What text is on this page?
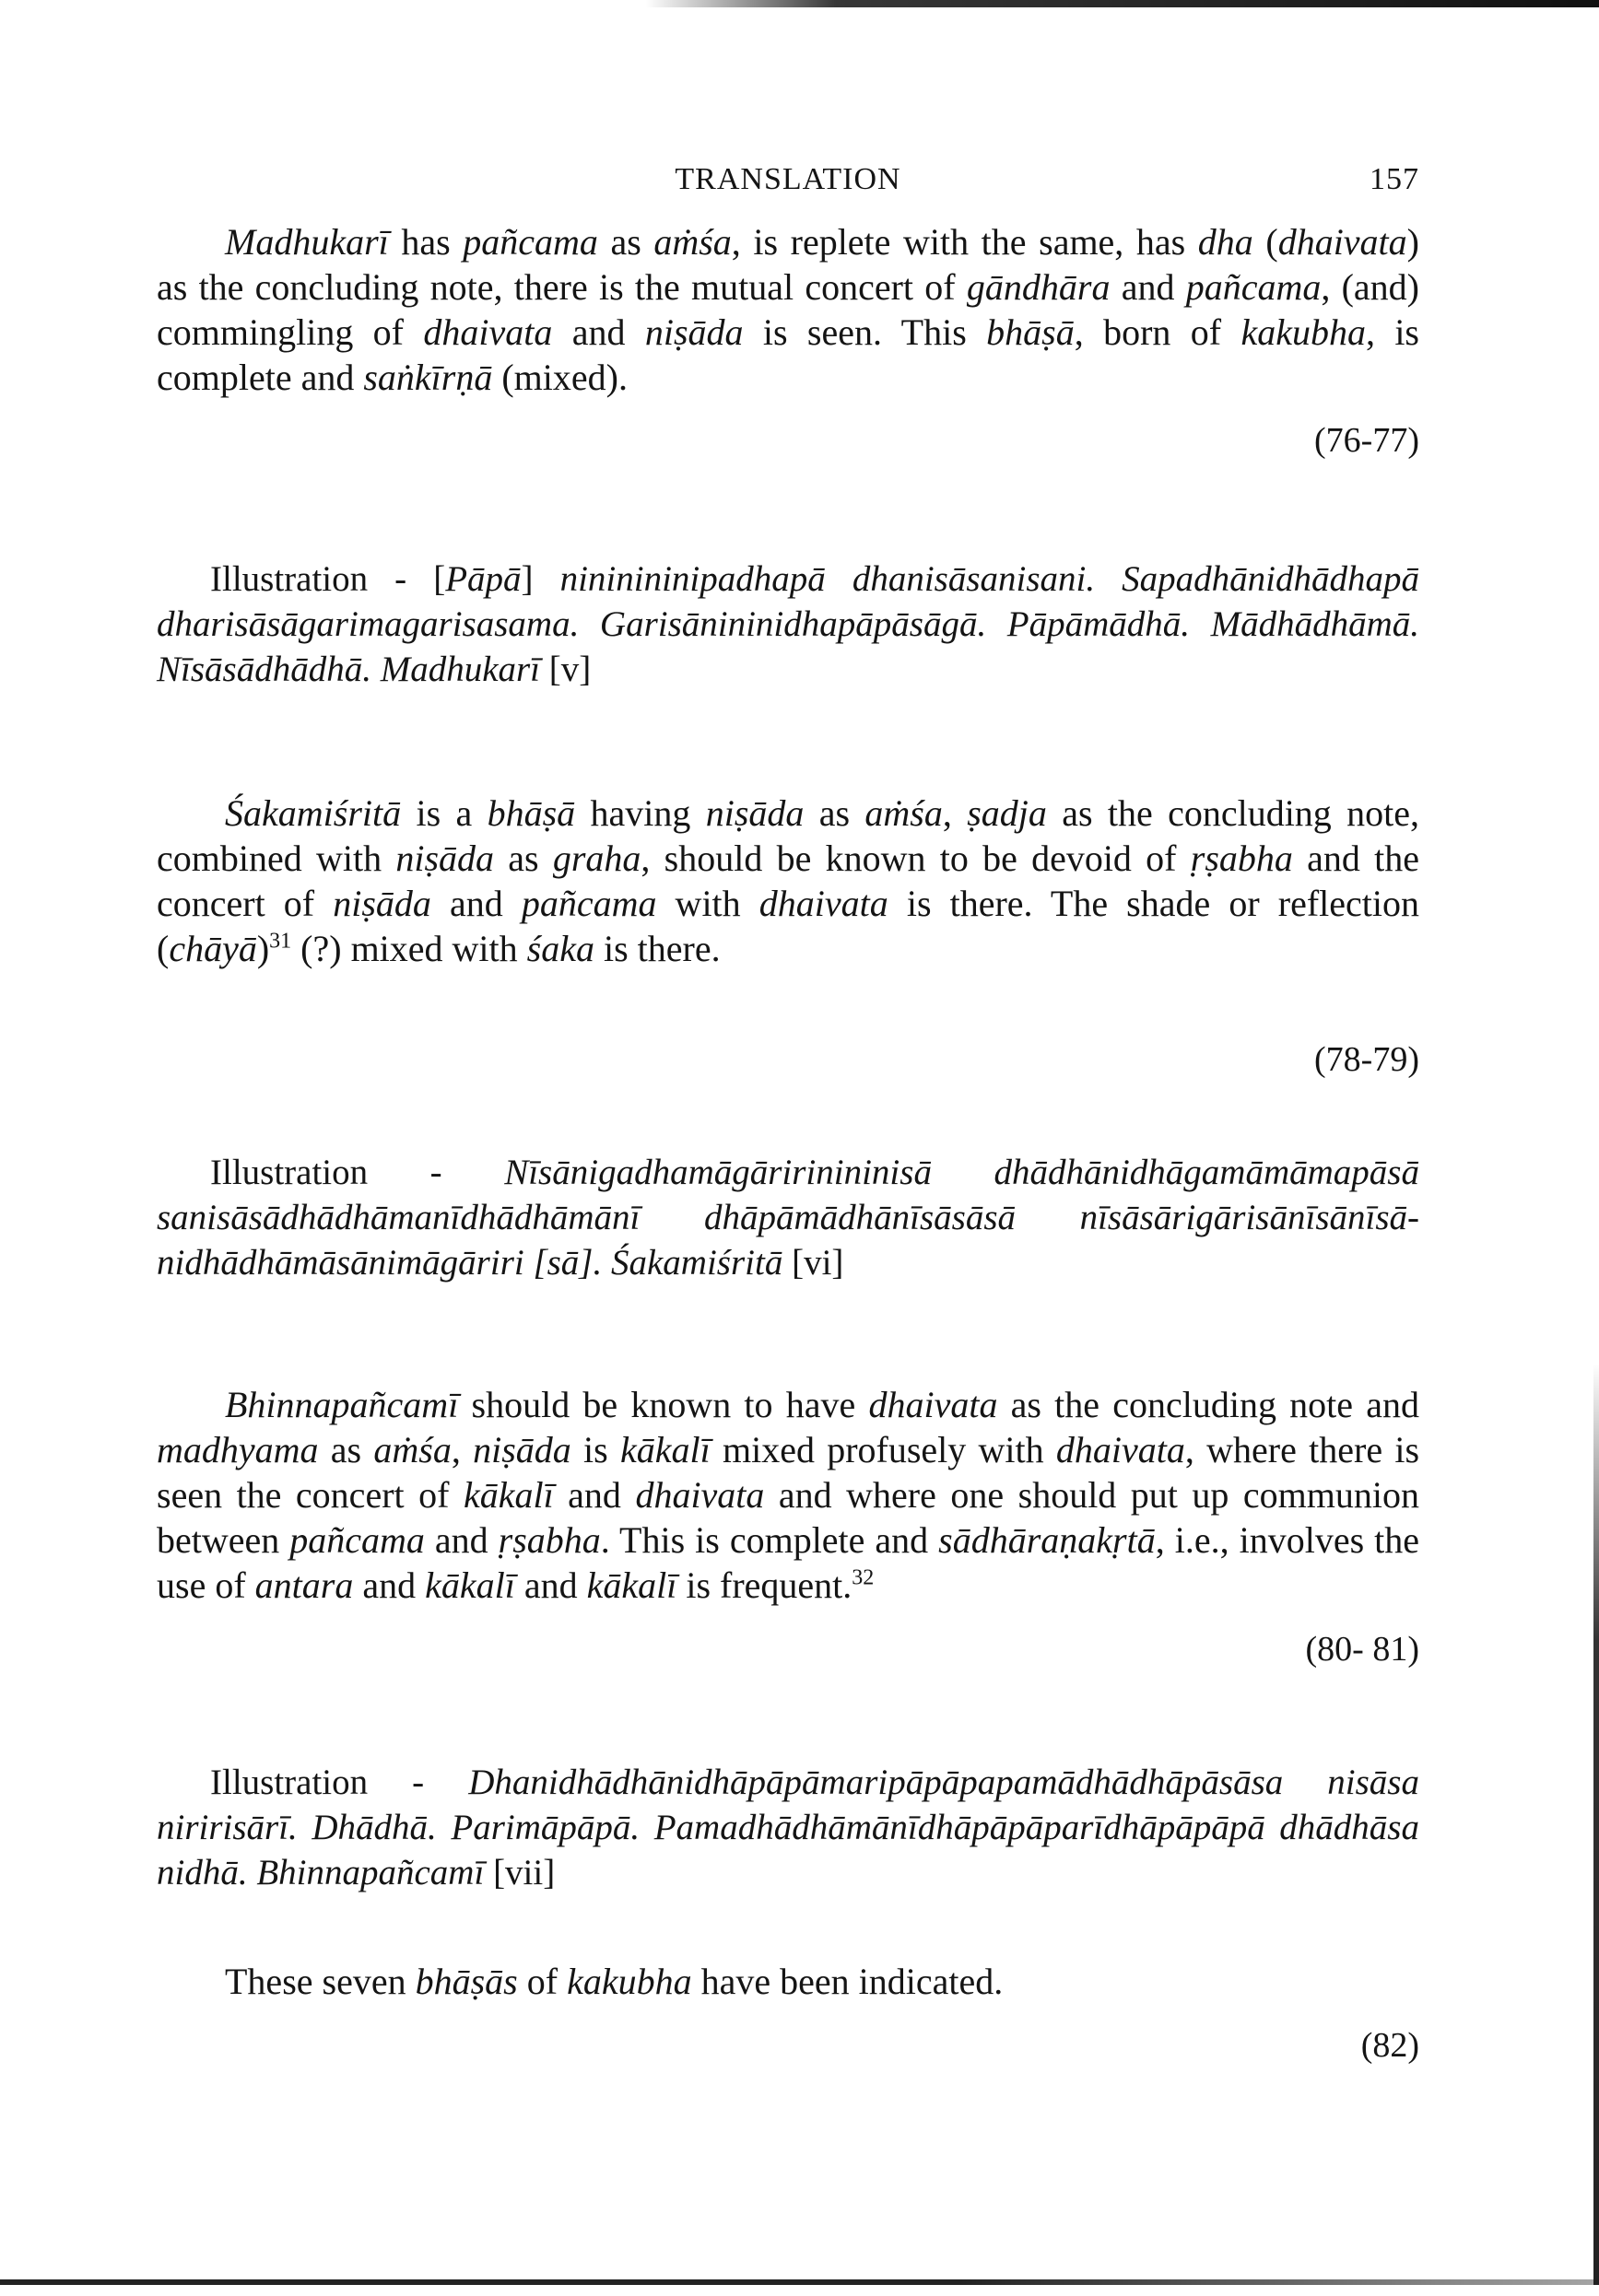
TRANSLATION	157

Madhukarī has pañcama as aṁśa, is replete with the same, has dha (dhaivata) as the concluding note, there is the mutual concert of gāndhāra and pañcama, (and) commingling of dhaivata and niṣāda is seen. This bhāṣā, born of kakubha, is complete and saṅkīrṇā (mixed).

(76-77)

Illustration - [Pāpā] nininininipadhapā dhanisāsanisani. Sapadhānidhādhapā dharisāsāgarimagarisasama. Garisānininidhapāpāsāgā. Pāpāmādhā. Mādhādhāmā. Nīsāsādhādhā. Madhukarī [v]

Śakamiśritā is a bhāṣā having niṣāda as aṁśa, ṣadja as the concluding note, combined with niṣāda as graha, should be known to be devoid of ṛṣabha and the concert of niṣāda and pañcama with dhaivata is there. The shade or reflection (chāyā)$^{31}$ (?) mixed with śaka is there.

(78-79)

Illustration - Nīsānigadhamāgāririnininisā dhādhānidhāgamāmāmapāsā sanisāsādhādhāmanīdhādhāmānī dhāpāmādhānīsāsāsā nīsāsārigārisānīsānīsā-nidhādhāmāsānimāgāriri [sā]. Śakamiśritā [vi]

Bhinnapañcamī should be known to have dhaivata as the concluding note and madhyama as aṁśa, niṣāda is kākalī mixed profusely with dhaivata, where there is seen the concert of kākalī and dhaivata and where one should put up communion between pañcama and ṛṣabha. This is complete and sādhāraṇakṛtā, i.e., involves the use of antara and kākalī and kākalī is frequent.$^{32}$

(80- 81)

Illustration - Dhanidhādhānidhāpāpāmaripāpāpapamādhādhāpāsāsa nisāsa niririsārī. Dhādhā. Parimāpāpā. Pamadhādhāmānīdhāpāpāparīdhāpāpāpā dhādhāsa nidhā. Bhinnapañcamī [vii]

These seven bhāṣās of kakubha have been indicated.

(82)
